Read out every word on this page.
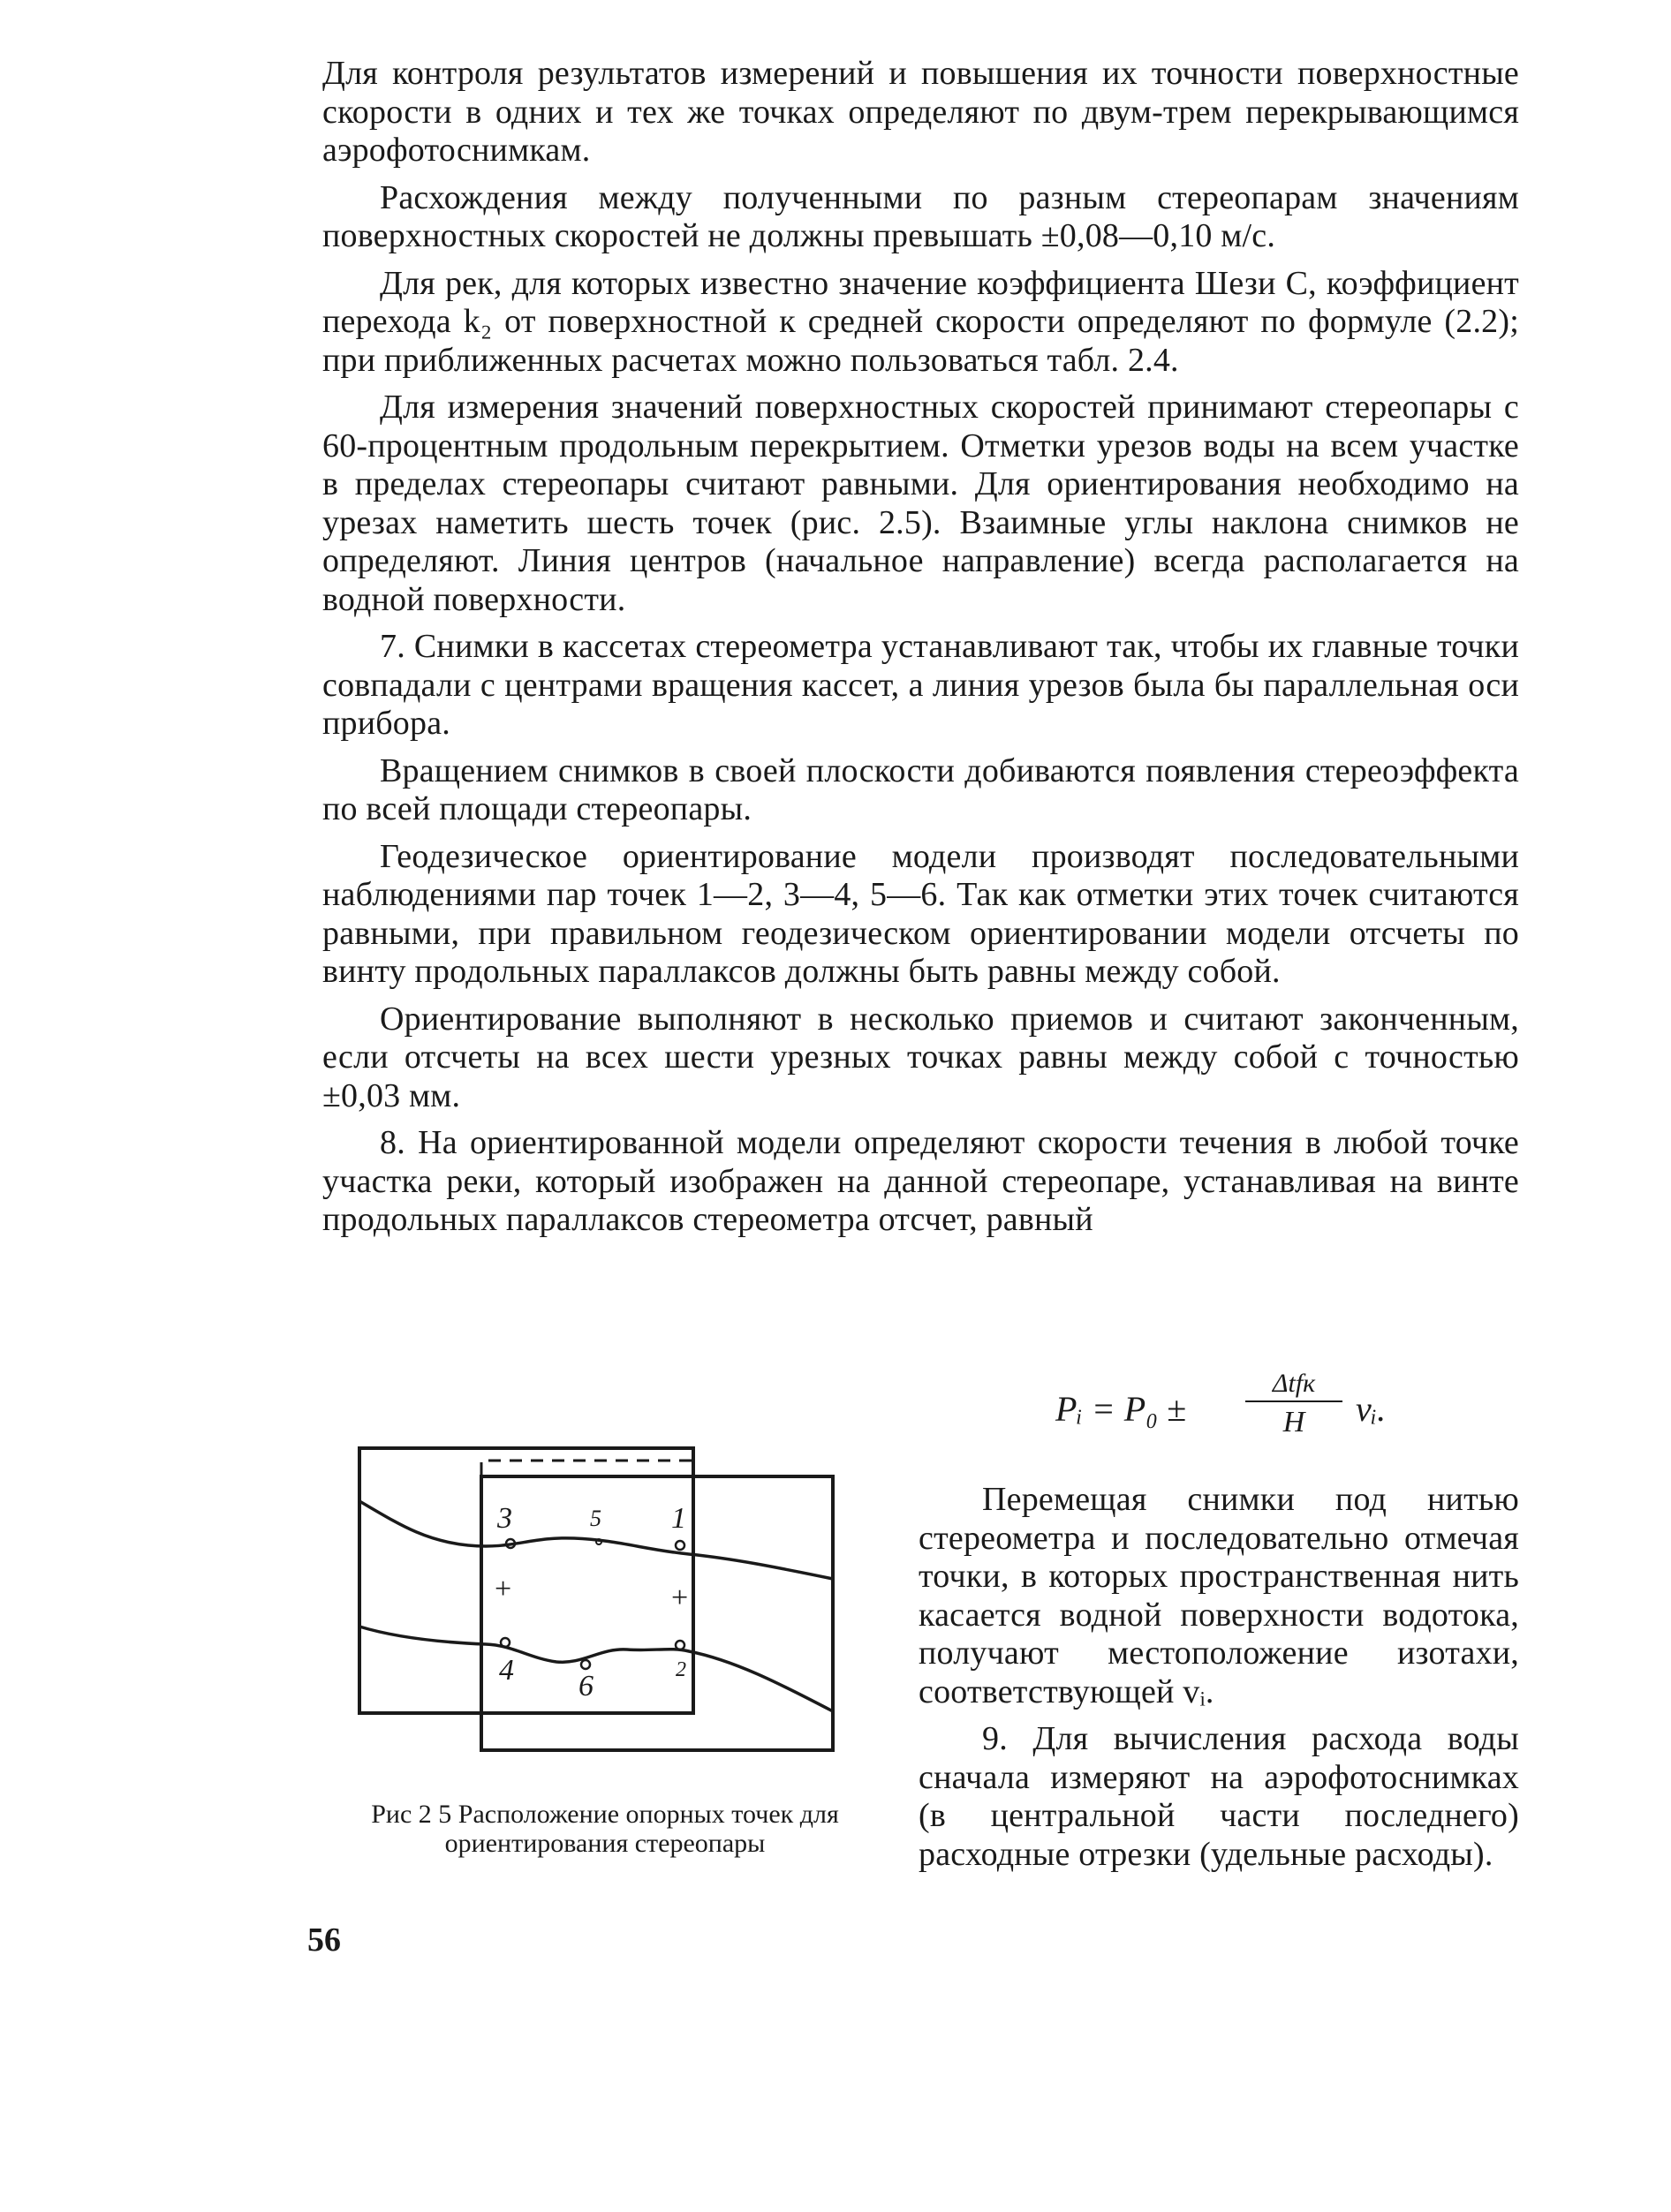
Для контроля результатов измерений и повышения их точности поверхностные скорости в одних и тех же точках определяют по двум-трем перекрывающимся аэрофотоснимкам.

Расхождения между полученными по разным стереопарам значениям поверхностных скоростей не должны превышать ±0,08—0,10 м/с.

Для рек, для которых известно значение коэффициента Шези C, коэффициент перехода k₂ от поверхностной к средней скорости определяют по формуле (2.2); при приближенных расчетах можно пользоваться табл. 2.4.

Для измерения значений поверхностных скоростей принимают стереопары с 60-процентным продольным перекрытием. Отметки урезов воды на всем участке в пределах стереопары считают равными. Для ориентирования необходимо на урезах наметить шесть точек (рис. 2.5). Взаимные углы наклона снимков не определяют. Линия центров (начальное направление) всегда располагается на водной поверхности.

7. Снимки в кассетах стереометра устанавливают так, чтобы их главные точки совпадали с центрами вращения кассет, а линия урезов была бы параллельная оси прибора.

Вращением снимков в своей плоскости добиваются появления стереоэффекта по всей площади стереопары.

Геодезическое ориентирование модели производят последовательными наблюдениями пар точек 1—2, 3—4, 5—6. Так как отметки этих точек считаются равными, при правильном геодезическом ориентировании модели отсчеты по винту продольных параллаксов должны быть равны между собой.

Ориентирование выполняют в несколько приемов и считают законченным, если отсчеты на всех шести урезных точках равны между собой с точностью ±0,03 мм.

8. На ориентированной модели определяют скорости течения в любой точке участка реки, который изображен на данной стереопаре, устанавливая на винте продольных параллаксов стереометра отсчет, равный

Pᵢ = P₀ ±
Δtfк
H	vᵢ.
3	5 1
4 6	2
+	+
Рис 2 5 Расположение опорных точек для ориентирования стереопары

Перемещая снимки под нитью стереометра и последовательно отмечая точки, в которых пространственная нить касается водной поверхности водотока, получают местоположение изотахи, соответствующей vᵢ.

9. Для вычисления расхода воды сначала измеряют на аэрофотоснимках (в центральной части последнего) расходные отрезки (удельные расходы).

56
